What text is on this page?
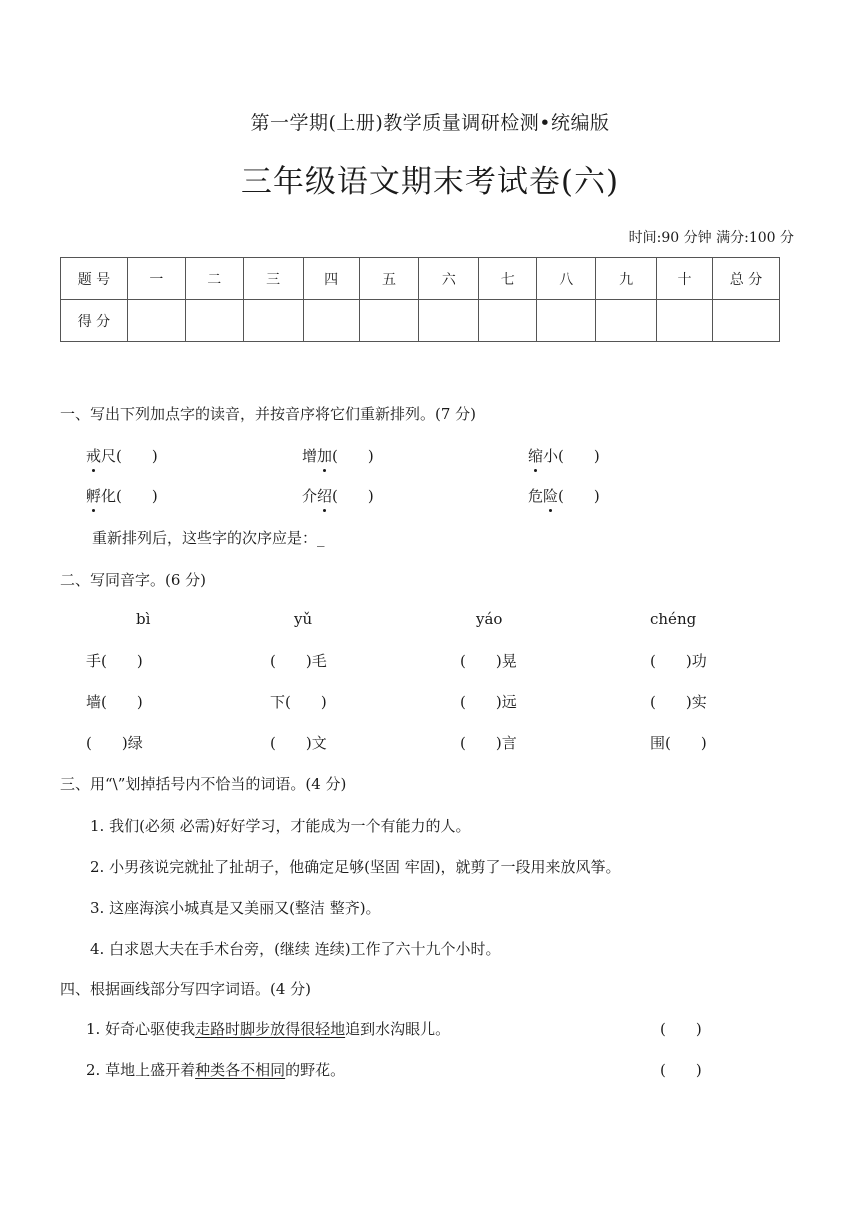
第一学期(上册)教学质量调研检测•统编版
三年级语文期末考试卷(六)
时间:90 分钟 满分:100 分
题 号	一	二	三	四	五	六	七	八	九	十	总 分
得 分											
一、写出下列加点字的读音，并按音序将它们重新排列。(7 分)
戒尺(　　)	增加(　　)	缩小(　　)
孵化(　　)	介绍(　　)	危险(　　)
重新排列后，这些字的次序应是：_
二、写同音字。(6 分)
bì	yǔ	yáo	chéng
手(　　)	(　　)毛	(　　)晃	(　　)功
墙(　　)	下(　　)	(　　)远	(　　)实
(　　)绿	(　　)文	(　　)言	围(　　)
三、用“\”划掉括号内不恰当的词语。(4 分)
1. 我们(必须 必需)好好学习，才能成为一个有能力的人。
2. 小男孩说完就扯了扯胡子，他确定足够(坚固 牢固)，就剪了一段用来放风筝。
3. 这座海滨小城真是又美丽又(整洁 整齐)。
4. 白求恩大夫在手术台旁，(继续 连续)工作了六十九个小时。
四、根据画线部分写四字词语。(4 分)
1. 好奇心驱使我走路时脚步放得很轻地追到水沟眼儿。	(　　)
2. 草地上盛开着种类各不相同的野花。	(　　)
